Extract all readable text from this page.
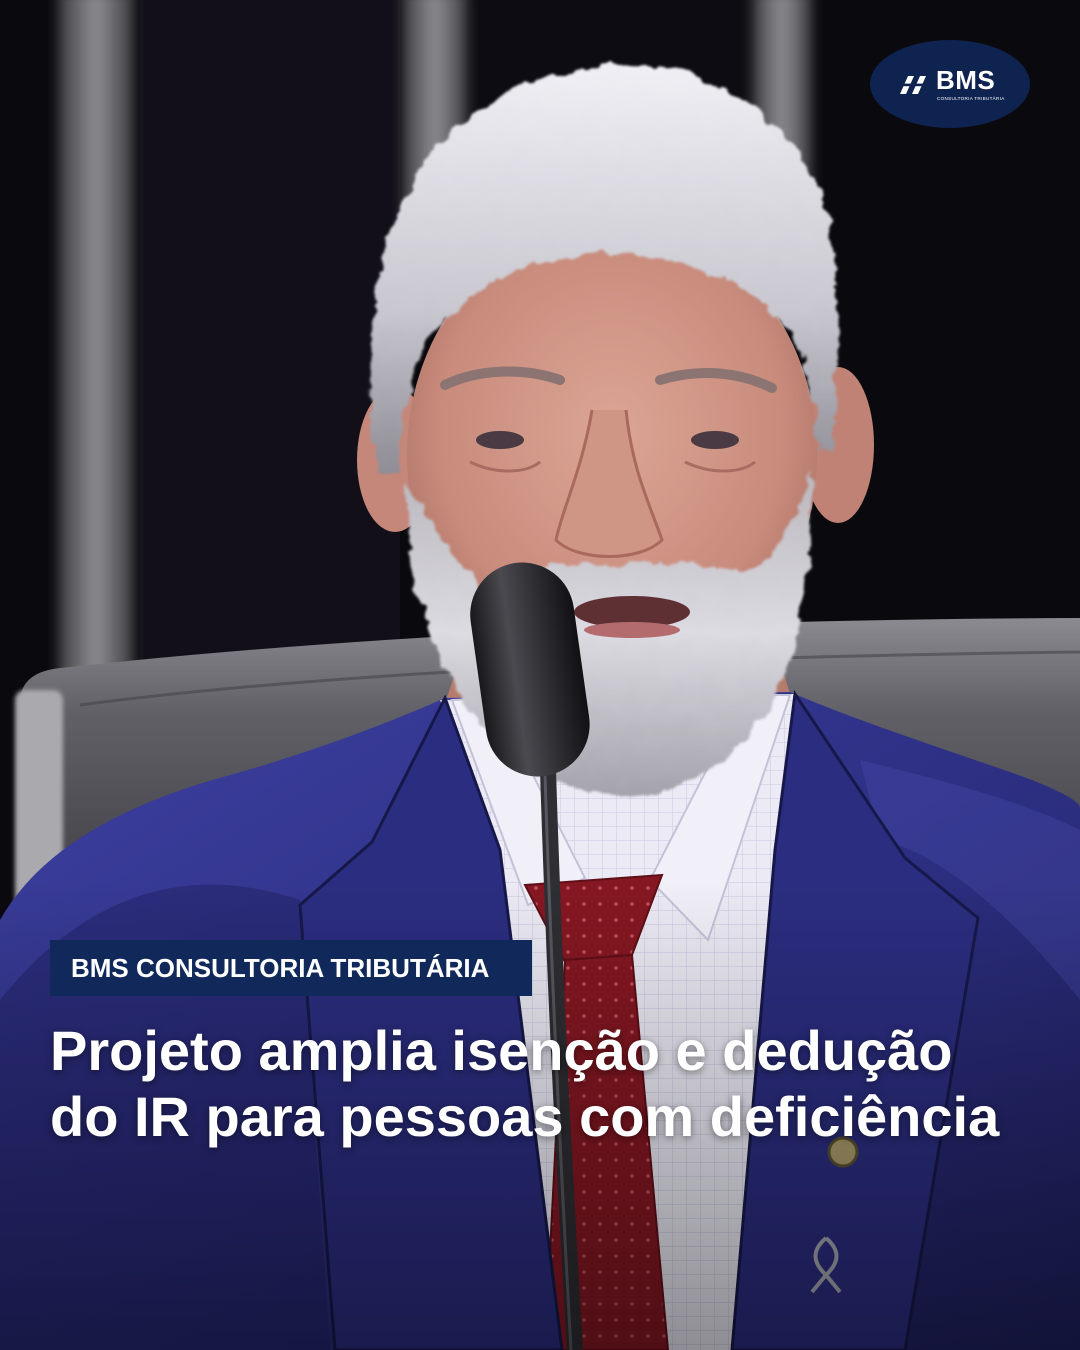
BMS
CONSULTORIA TRIBUTÁRIA
BMS CONSULTORIA TRIBUTÁRIA
Projeto amplia isenção e dedução
do IR para pessoas com deficiência
